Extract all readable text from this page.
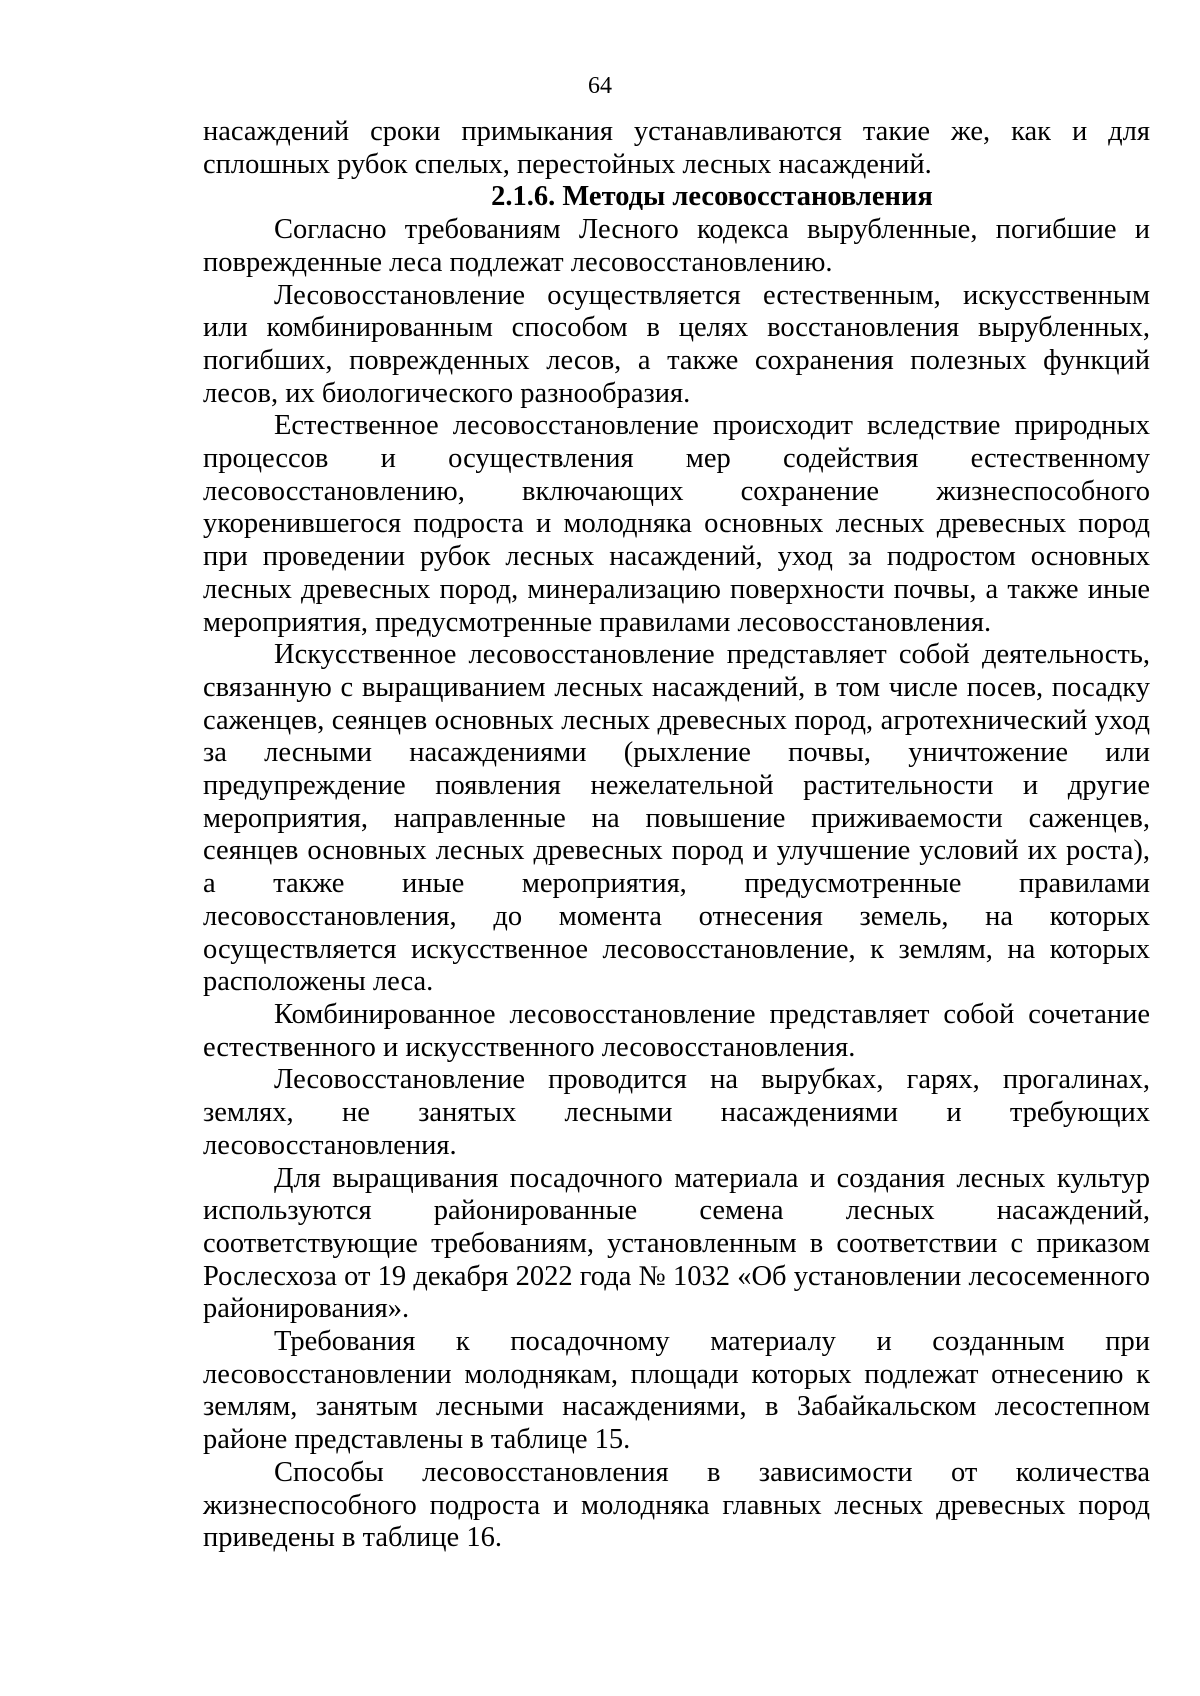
64

насаждений сроки примыкания устанавливаются такие же, как и для сплошных рубок спелых, перестойных лесных насаждений.

2.1.6. Методы лесовосстановления

Согласно требованиям Лесного кодекса вырубленные, погибшие и поврежденные леса подлежат лесовосстановлению.

Лесовосстановление осуществляется естественным, искусственным или комбинированным способом в целях восстановления вырубленных, погибших, поврежденных лесов, а также сохранения полезных функций лесов, их биологического разнообразия.

Естественное лесовосстановление происходит вследствие природных процессов и осуществления мер содействия естественному лесовосстановлению, включающих сохранение жизнеспособного укоренившегося подроста и молодняка основных лесных древесных пород при проведении рубок лесных насаждений, уход за подростом основных лесных древесных пород, минерализацию поверхности почвы, а также иные мероприятия, предусмотренные правилами лесовосстановления.

Искусственное лесовосстановление представляет собой деятельность, связанную с выращиванием лесных насаждений, в том числе посев, посадку саженцев, сеянцев основных лесных древесных пород, агротехнический уход за лесными насаждениями (рыхление почвы, уничтожение или предупреждение появления нежелательной растительности и другие мероприятия, направленные на повышение приживаемости саженцев, сеянцев основных лесных древесных пород и улучшение условий их роста), а также иные мероприятия, предусмотренные правилами лесовосстановления, до момента отнесения земель, на которых осуществляется искусственное лесовосстановление, к землям, на которых расположены леса.

Комбинированное лесовосстановление представляет собой сочетание естественного и искусственного лесовосстановления.

Лесовосстановление проводится на вырубках, гарях, прогалинах, землях, не занятых лесными насаждениями и требующих лесовосстановления.

Для выращивания посадочного материала и создания лесных культур используются районированные семена лесных насаждений, соответствующие требованиям, установленным в соответствии с приказом Рослесхоза от 19 декабря 2022 года № 1032 «Об установлении лесосеменного районирования».

Требования к посадочному материалу и созданным при лесовосстановлении молоднякам, площади которых подлежат отнесению к землям, занятым лесными насаждениями, в Забайкальском лесостепном районе представлены в таблице 15.

Способы лесовосстановления в зависимости от количества жизнеспособного подроста и молодняка главных лесных древесных пород приведены в таблице 16.
